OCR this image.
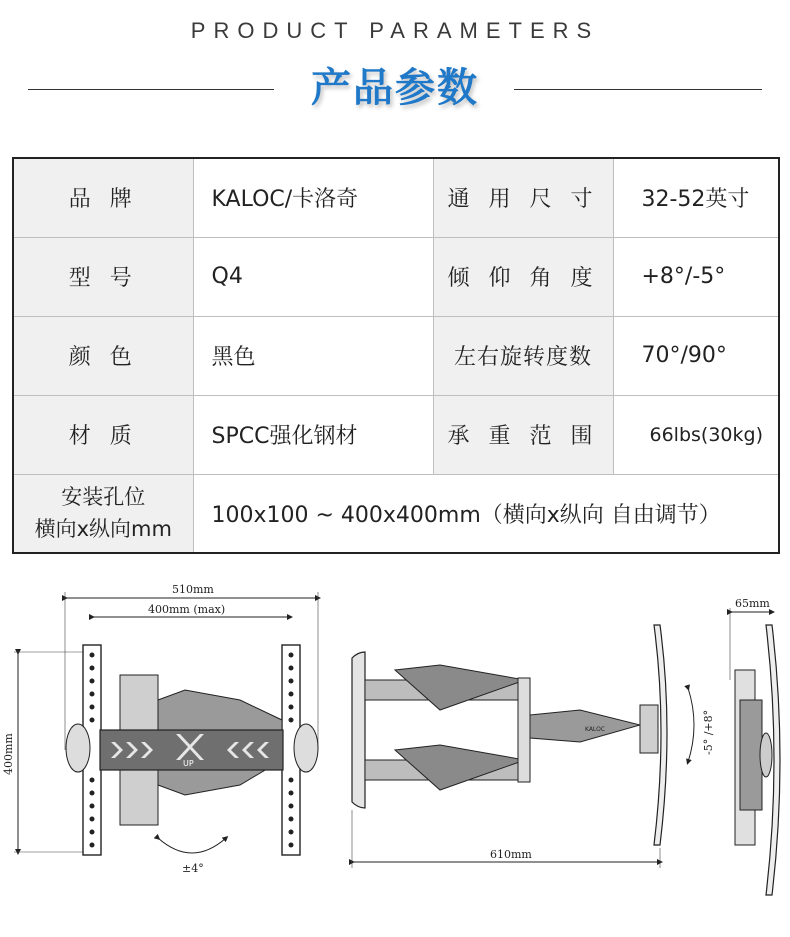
PRODUCT PARAMETERS
产品参数
品 牌	KALOC/卡洛奇	通 用 尺 寸	32-52英寸
型 号	Q4	倾 仰 角 度	+8°/-5°
颜 色	黑色	左右旋转度数	70°/90°
材 质	SPCC强化钢材	承 重 范 围	66lbs(30kg)

安装孔位
横向x纵向mm	100x100 ~ 400x400mm（横向x纵向 自由调节）		
510mm
400mm (max)
400mm	UP
±4°
KALOC	-5° /+8°
610mm
65mm
